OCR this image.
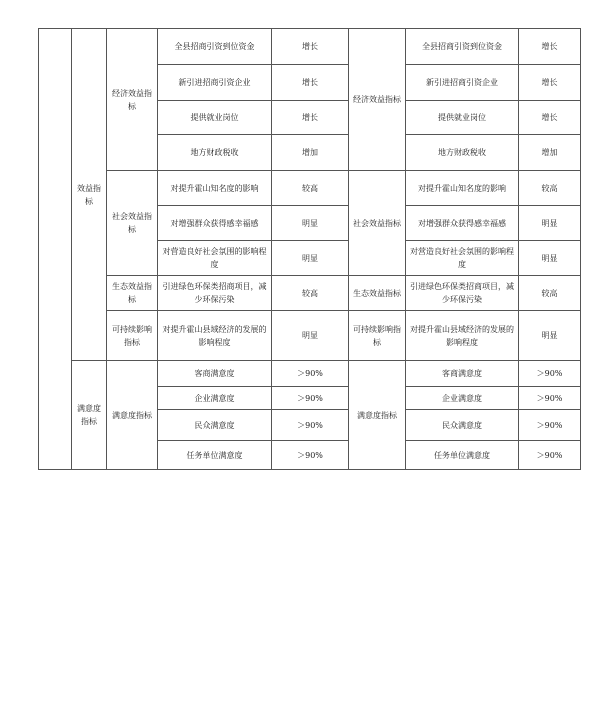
	效益指标	经济效益指标	全县招商引资到位资金	增长	经济效益指标	全县招商引资到位资金	增长
			新引进招商引资企业	增长		新引进招商引资企业	增长
			提供就业岗位	增长		提供就业岗位	增长
			地方财政税收	增加		地方财政税收	增加
		社会效益指标	对提升霍山知名度的影响	较高	社会效益指标	对提升霍山知名度的影响	较高
			对增强群众获得感幸福感	明显		对增强群众获得感幸福感	明显
			对营造良好社会氛围的影响程度	明显		对营造良好社会氛围的影响程度	明显
		生态效益指标	引进绿色环保类招商项目，减少环保污染	较高	生态效益指标	引进绿色环保类招商项目，减少环保污染	较高
		可持续影响指标	对提升霍山县域经济的发展的影响程度	明显	可持续影响指标	对提升霍山县域经济的发展的影响程度	明显
	满意度指标	满意度指标	客商满意度	＞90%	满意度指标	客商满意度	＞90%
			企业满意度	＞90%		企业满意度	＞90%
			民众满意度	＞90%		民众满意度	＞90%
			任务单位满意度	＞90%		任务单位满意度	＞90%
